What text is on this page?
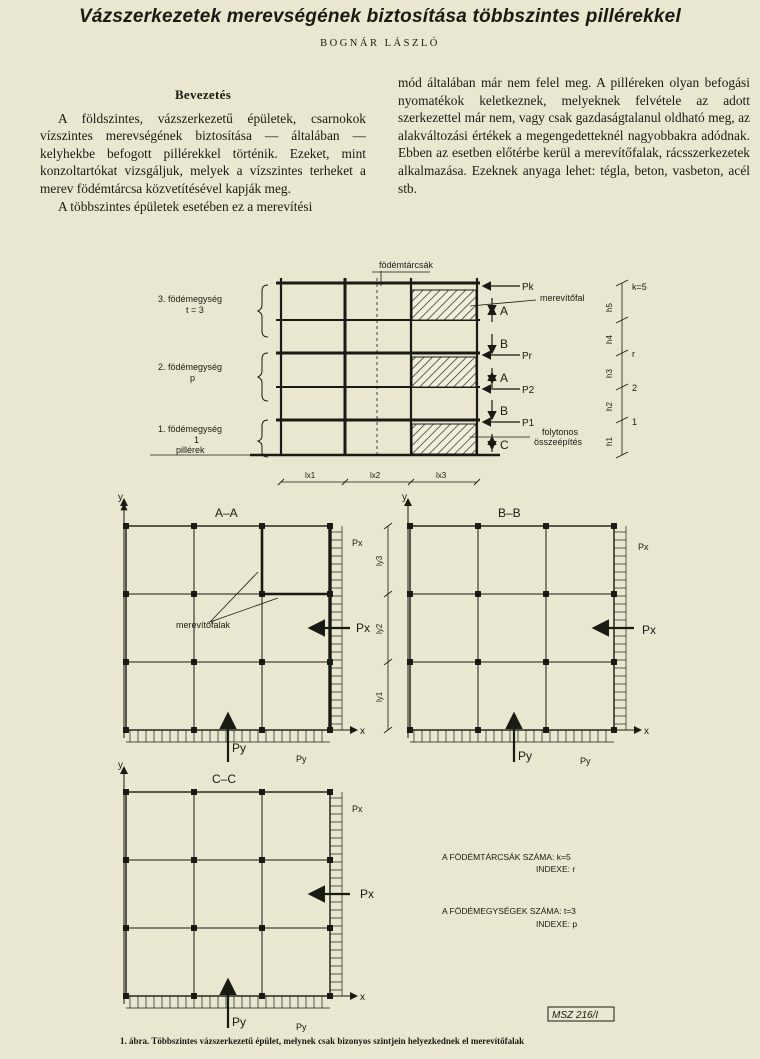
Vázszerkezetek merevségének biztosítása többszintes pillérekkel
BOGNÁR LÁSZLÓ
Bevezetés

A földszintes, vázszerkezetű épületek, csarnokok vízszintes merevségének biztosítása — általában — kelyhekbe befogott pillérekkel történik. Ezeket, mint konzoltartókat vizsgáljuk, melyek a vízszintes terheket a merev födémtárcsa közvetítésével kapják meg.

A többszintes épületek esetében ez a merevítési

mód általában már nem felel meg. A pilléreken olyan befogási nyomatékok keletkeznek, melyeknek felvétele az adott szerkezettel már nem, vagy csak gazdaságtalanul oldható meg, az alakváltozási értékek a megengedetteknél nagyobbakra adódnak. Ebben az esetben előtérbe kerül a merevítőfalak, rácsszerkezetek alkalmazása. Ezeknek anyaga lehet: tégla, beton, vasbeton, acél stb.

födémtárcsák
merevítőfal
3. födémegység
t = 3
2. födémegység
p
1. födémegység
1
pillérek
folytonos
összeépítés
Pk
Pr
P2
P1
A
B
A
B
C
k=5
r
2
1
h5
h4
h3
h2
h1
lx1	lx2	lx3
A–A
merevítőfalak
Px
Px
Py
Py
x
y
ly3
ly2
ly1
B–B
Px
Px
Py	Py
x
y
C–C
Px
Px
Py	Py
x
y
A FÖDÉMTÁRCSÁK SZÁMA: k=5
INDEXE: r
A FÖDÉMEGYSÉGEK SZÁMA: t=3
INDEXE: p
MSZ 216/I
1. ábra. Többszintes vázszerkezetű épület, melynek csak bizonyos szintjein helyezkednek el merevítőfalak
